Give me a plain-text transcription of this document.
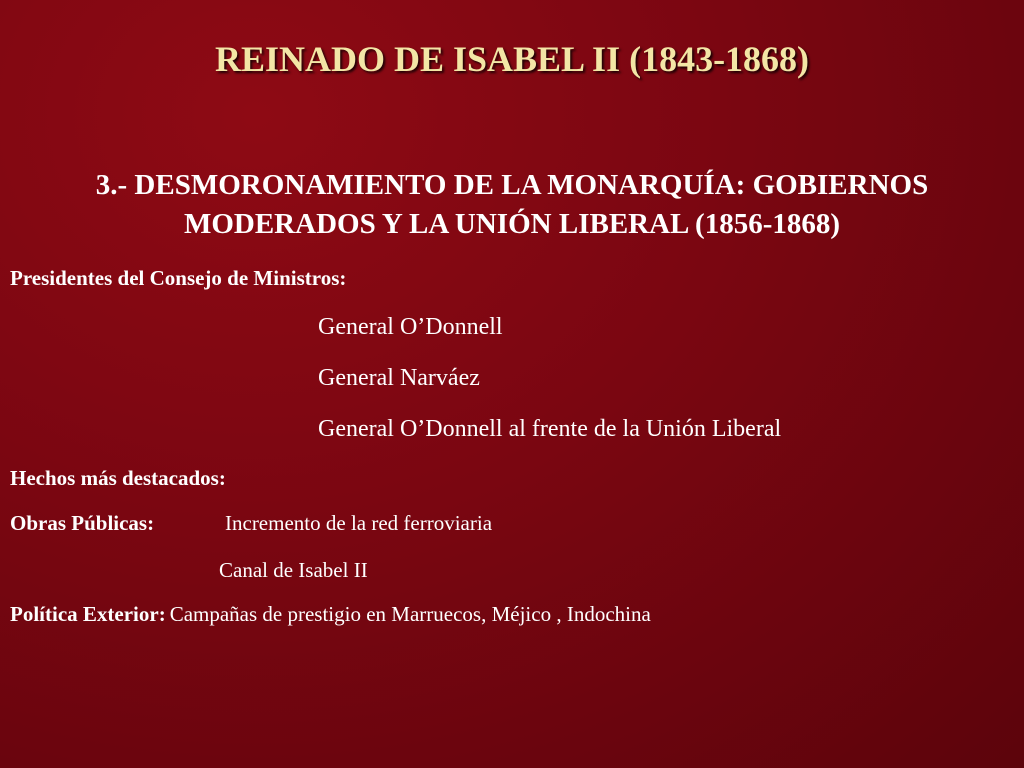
REINADO DE ISABEL II (1843-1868)
3.- DESMORONAMIENTO DE LA MONARQUÍA: GOBIERNOS
MODERADOS Y LA UNIÓN LIBERAL (1856-1868)
Presidentes del Consejo de Ministros:
General O’Donnell
General Narváez
General O’Donnell al frente de la Unión Liberal
Hechos más destacados:
Obras Públicas:	Incremento de la red ferroviaria
Canal de Isabel II
Política Exterior: Campañas de prestigio en Marruecos, Méjico , Indochina
